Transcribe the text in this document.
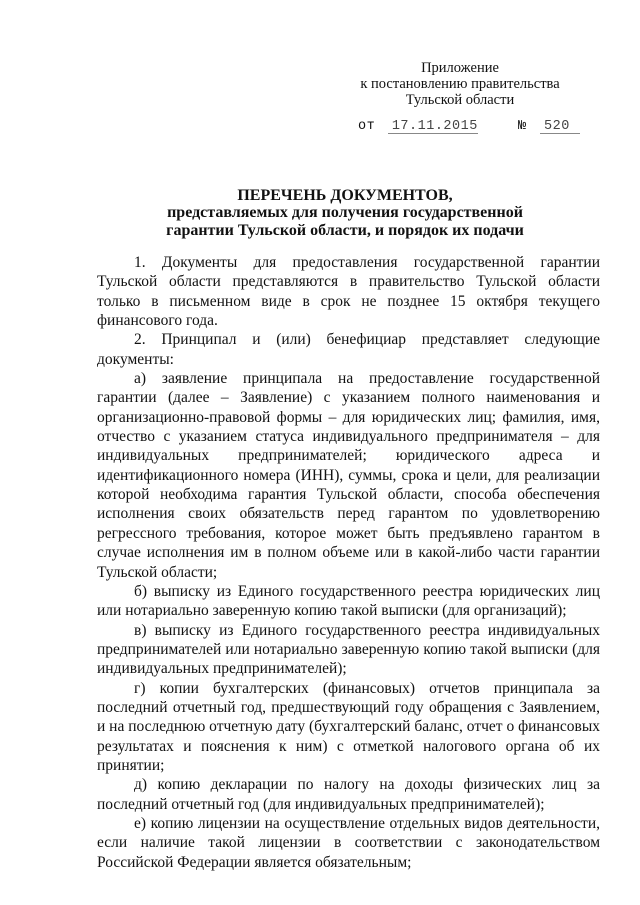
Приложение
к постановлению правительства
Тульской области
от 17.11.2015	№ 520
ПЕРЕЧЕНЬ ДОКУМЕНТОВ,
представляемых для получения государственной
гарантии Тульской области, и порядок их подачи

1. Документы для предоставления государственной гарантии Тульской области представляются в правительство Тульской области только в письменном виде в срок не позднее 15 октября текущего финансового года.

2. Принципал и (или) бенефициар представляет следующие документы:

а) заявление принципала на предоставление государственной гарантии (далее – Заявление) с указанием полного наименования и организационно-правовой формы – для юридических лиц; фамилия, имя, отчество с указанием статуса индивидуального предпринимателя – для индивидуальных предпринимателей; юридического адреса и идентификационного номера (ИНН), суммы, срока и цели, для реализации которой необходима гарантия Тульской области, способа обеспечения исполнения своих обязательств перед гарантом по удовлетворению регрессного требования, которое может быть предъявлено гарантом в случае исполнения им в полном объеме или в какой-либо части гарантии Тульской области;

б) выписку из Единого государственного реестра юридических лиц или нотариально заверенную копию такой выписки (для организаций);

в) выписку из Единого государственного реестра индивидуальных предпринимателей или нотариально заверенную копию такой выписки (для индивидуальных предпринимателей);

г) копии бухгалтерских (финансовых) отчетов принципала за последний отчетный год, предшествующий году обращения с Заявлением, и на последнюю отчетную дату (бухгалтерский баланс, отчет о финансовых результатах и пояснения к ним) с отметкой налогового органа об их принятии;

д) копию декларации по налогу на доходы физических лиц за последний отчетный год (для индивидуальных предпринимателей);

е) копию лицензии на осуществление отдельных видов деятельности, если наличие такой лицензии в соответствии с законодательством Российской Федерации является обязательным;
